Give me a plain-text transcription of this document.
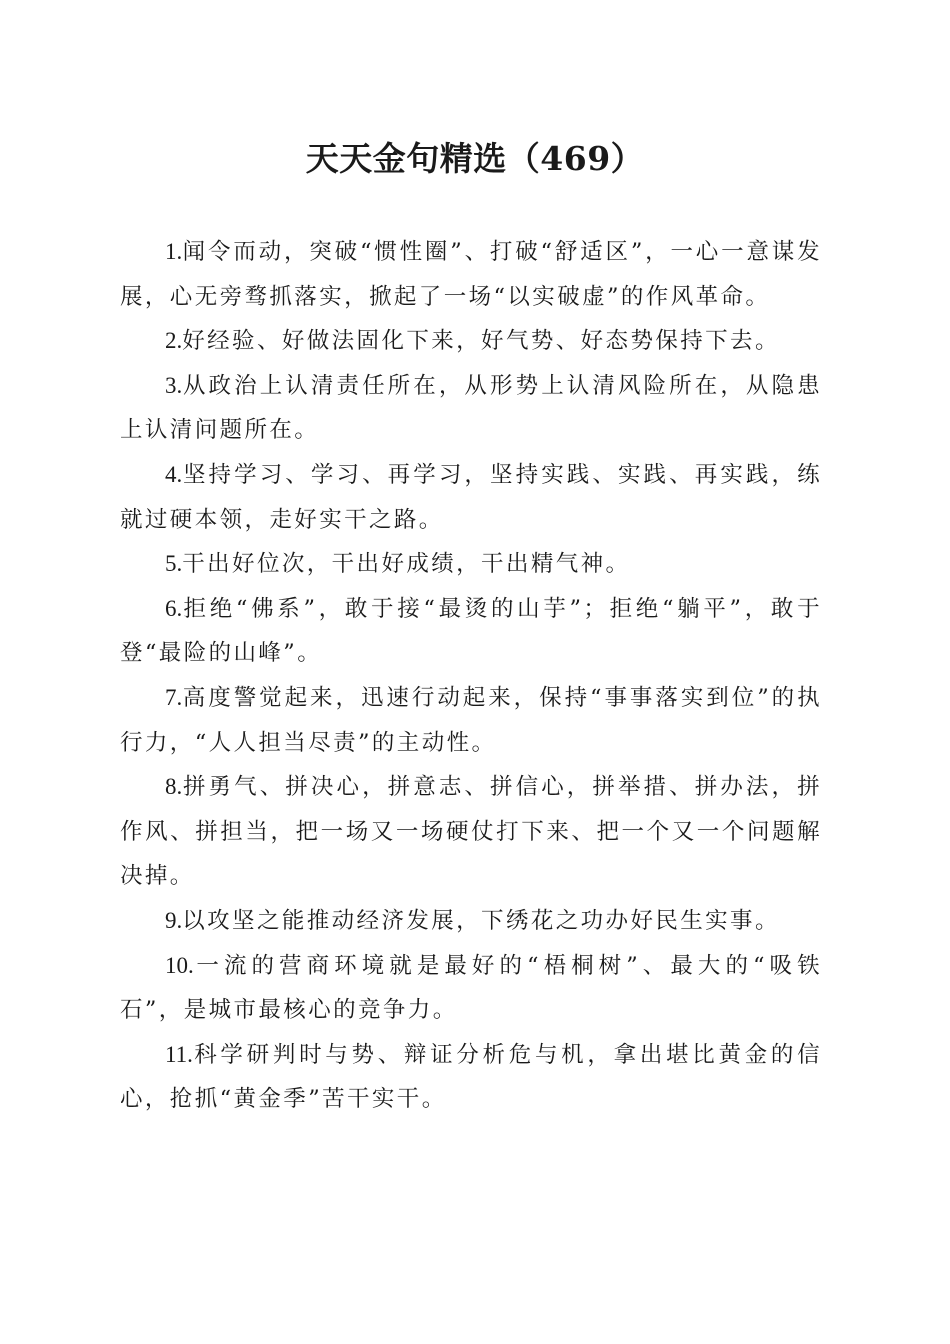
天天金句精选（469）

1.闻令而动，突破“惯性圈”、打破“舒适区”，一心一意谋发展，心无旁骛抓落实，掀起了一场“以实破虚”的作风革命。

2.好经验、好做法固化下来，好气势、好态势保持下去。

3.从政治上认清责任所在，从形势上认清风险所在，从隐患上认清问题所在。

4.坚持学习、学习、再学习，坚持实践、实践、再实践，练就过硬本领，走好实干之路。

5.干出好位次，干出好成绩，干出精气神。

6.拒绝“佛系”，敢于接“最烫的山芋”；拒绝“躺平”，敢于登“最险的山峰”。

7.高度警觉起来，迅速行动起来，保持“事事落实到位”的执行力，“人人担当尽责”的主动性。

8.拼勇气、拼决心，拼意志、拼信心，拼举措、拼办法，拼作风、拼担当，把一场又一场硬仗打下来、把一个又一个问题解决掉。

9.以攻坚之能推动经济发展，下绣花之功办好民生实事。

10.一流的营商环境就是最好的“梧桐树”、最大的“吸铁石”，是城市最核心的竞争力。

11.科学研判时与势、辩证分析危与机，拿出堪比黄金的信心，抢抓“黄金季”苦干实干。
